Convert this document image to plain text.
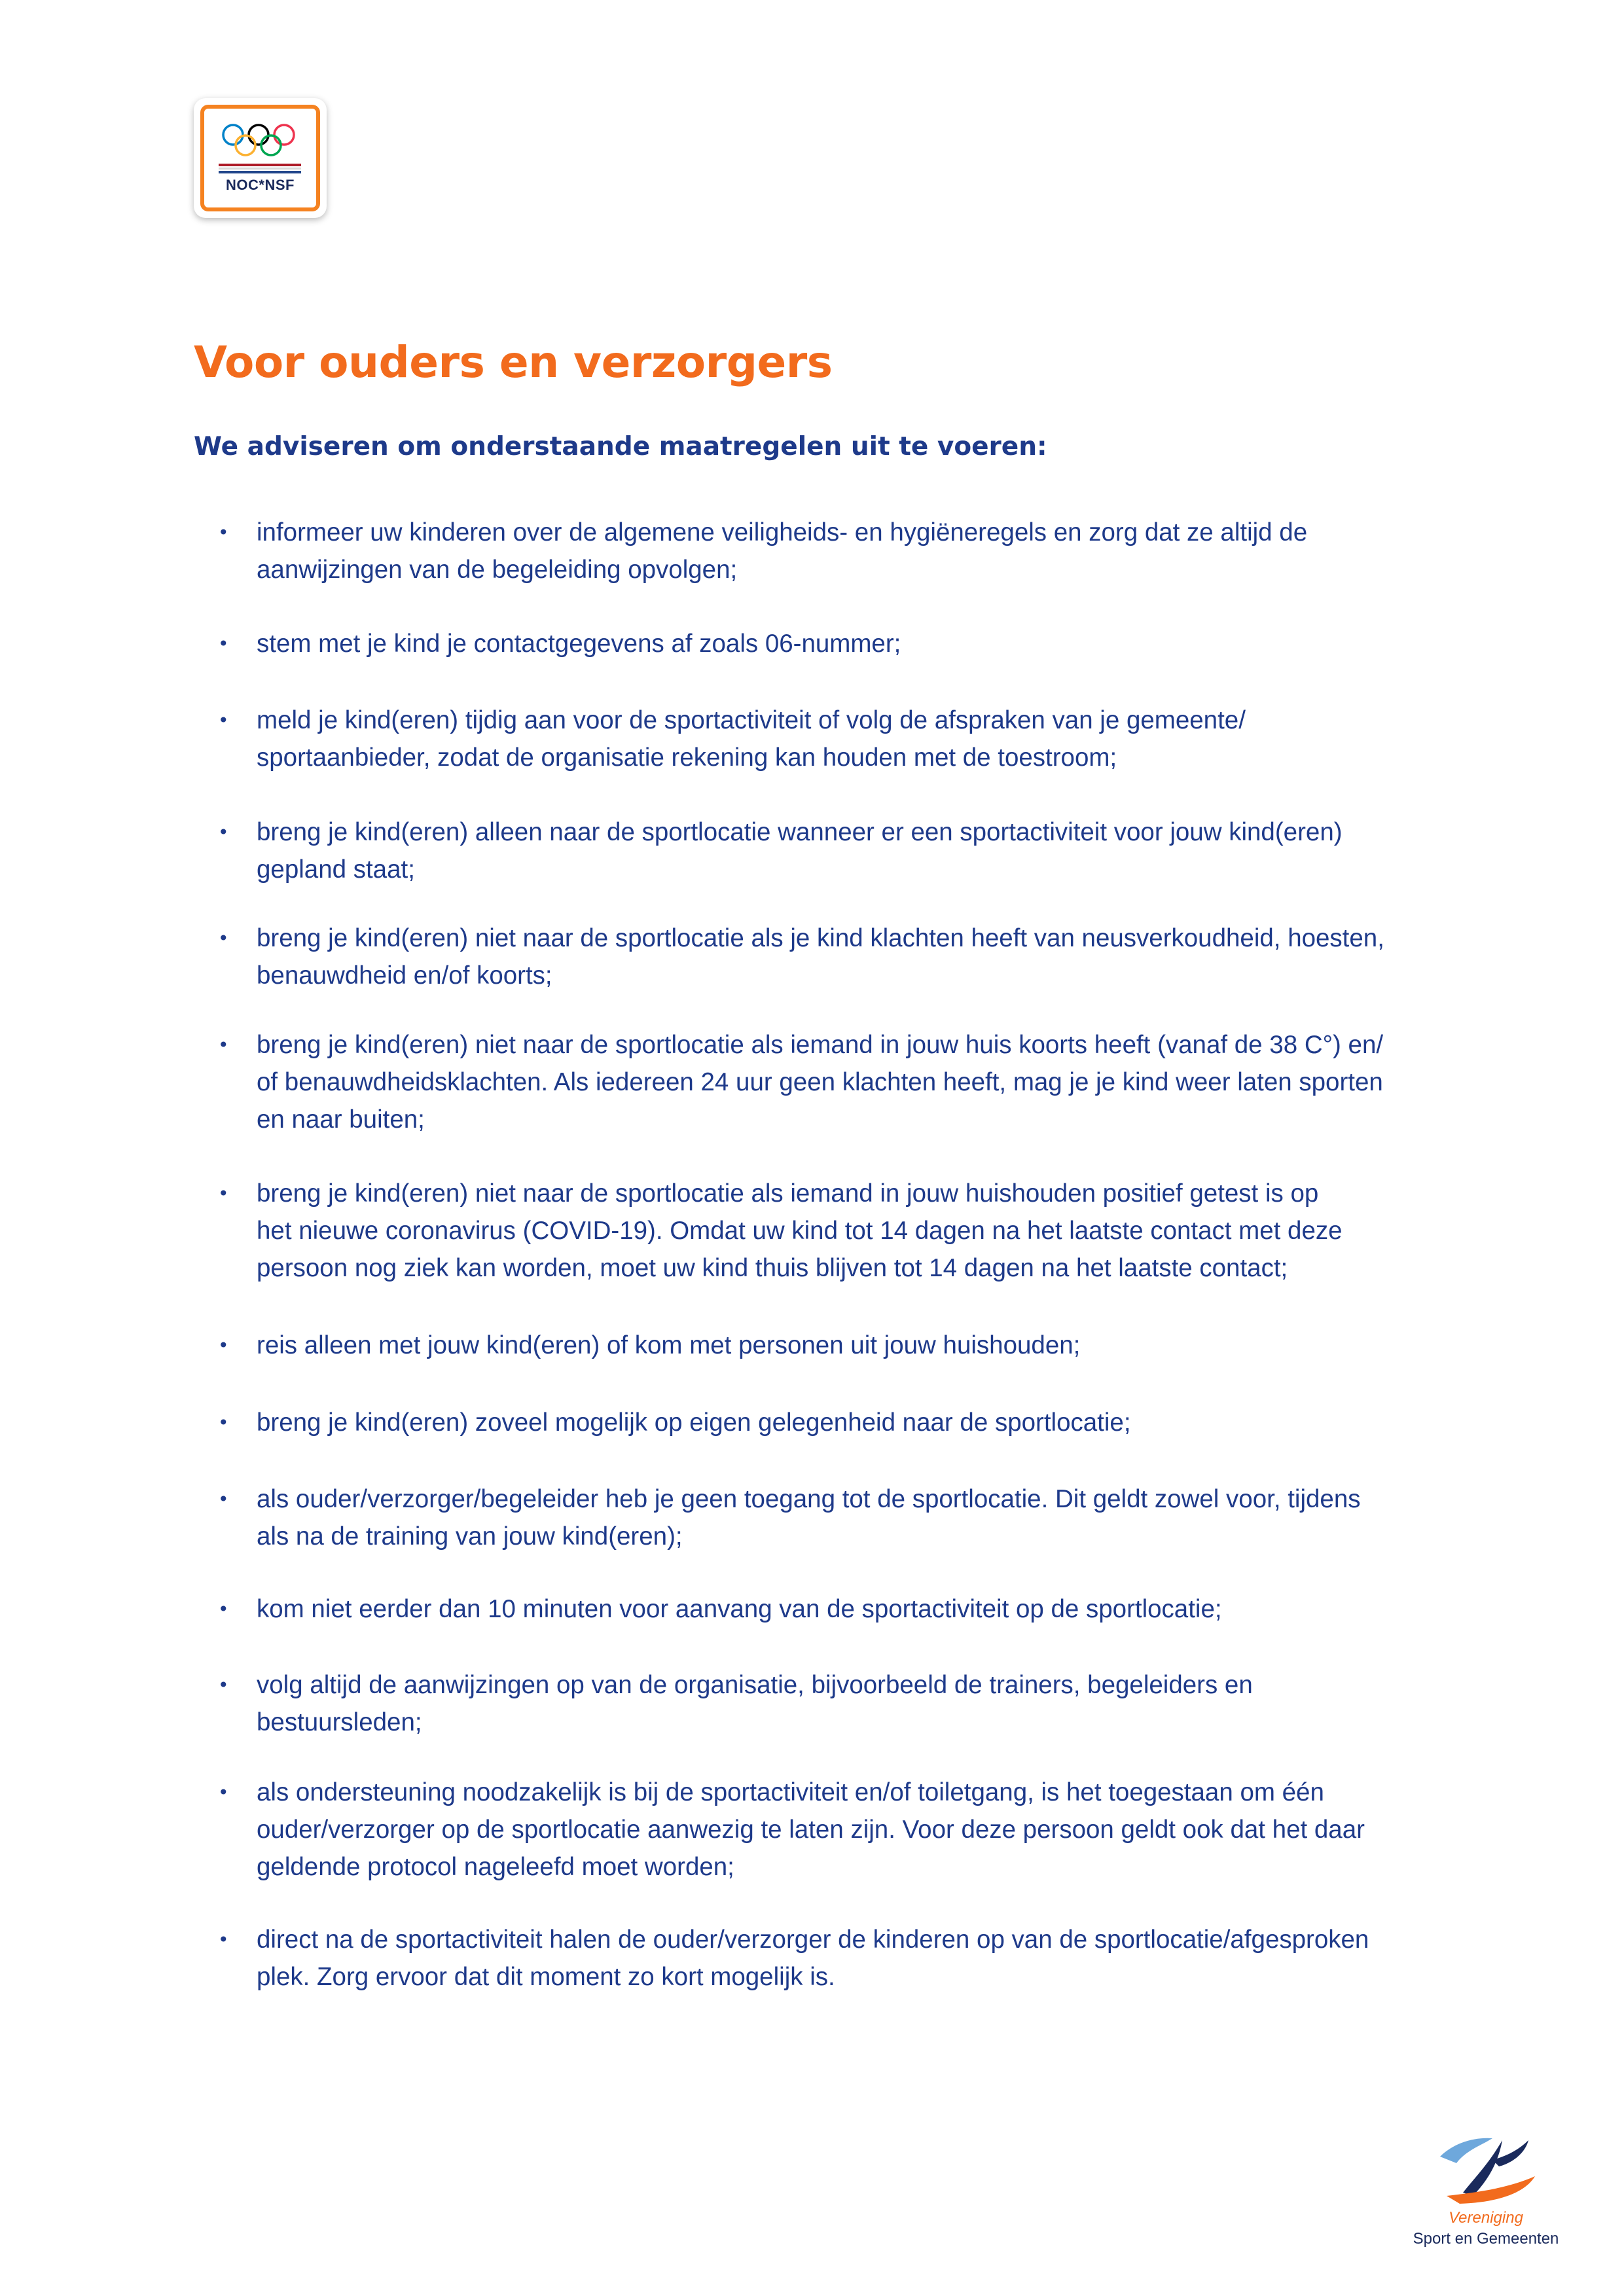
NOC*NSF
Voor ouders en verzorgers
We adviseren om onderstaande maatregelen uit te voeren:
• informeer uw kinderen over de algemene veiligheids- en hygiëneregels en zorg dat ze altijd de
aanwijzingen van de begeleiding opvolgen;
• stem met je kind je contactgegevens af zoals 06-nummer;
• meld je kind(eren) tijdig aan voor de sportactiviteit of volg de afspraken van je gemeente/
sportaanbieder, zodat de organisatie rekening kan houden met de toestroom;
• breng je kind(eren) alleen naar de sportlocatie wanneer er een sportactiviteit voor jouw kind(eren)
gepland staat;
• breng je kind(eren) niet naar de sportlocatie als je kind klachten heeft van neusverkoudheid, hoesten,
benauwdheid en/of koorts;
• breng je kind(eren) niet naar de sportlocatie als iemand in jouw huis koorts heeft (vanaf de 38 C°) en/
of benauwdheidsklachten. Als iedereen 24 uur geen klachten heeft, mag je je kind weer laten sporten
en naar buiten;
• breng je kind(eren) niet naar de sportlocatie als iemand in jouw huishouden positief getest is op
het nieuwe coronavirus (COVID-19). Omdat uw kind tot 14 dagen na het laatste contact met deze
persoon nog ziek kan worden, moet uw kind thuis blijven tot 14 dagen na het laatste contact;
• reis alleen met jouw kind(eren) of kom met personen uit jouw huishouden;
• breng je kind(eren) zoveel mogelijk op eigen gelegenheid naar de sportlocatie;
• als ouder/verzorger/begeleider heb je geen toegang tot de sportlocatie. Dit geldt zowel voor, tijdens
als na de training van jouw kind(eren);
• kom niet eerder dan 10 minuten voor aanvang van de sportactiviteit op de sportlocatie;
• volg altijd de aanwijzingen op van de organisatie, bijvoorbeeld de trainers, begeleiders en
bestuursleden;
• als ondersteuning noodzakelijk is bij de sportactiviteit en/of toiletgang, is het toegestaan om één
ouder/verzorger op de sportlocatie aanwezig te laten zijn. Voor deze persoon geldt ook dat het daar
geldende protocol nageleefd moet worden;
• direct na de sportactiviteit halen de ouder/verzorger de kinderen op van de sportlocatie/afgesproken
plek. Zorg ervoor dat dit moment zo kort mogelijk is.
Vereniging
Sport en Gemeenten
